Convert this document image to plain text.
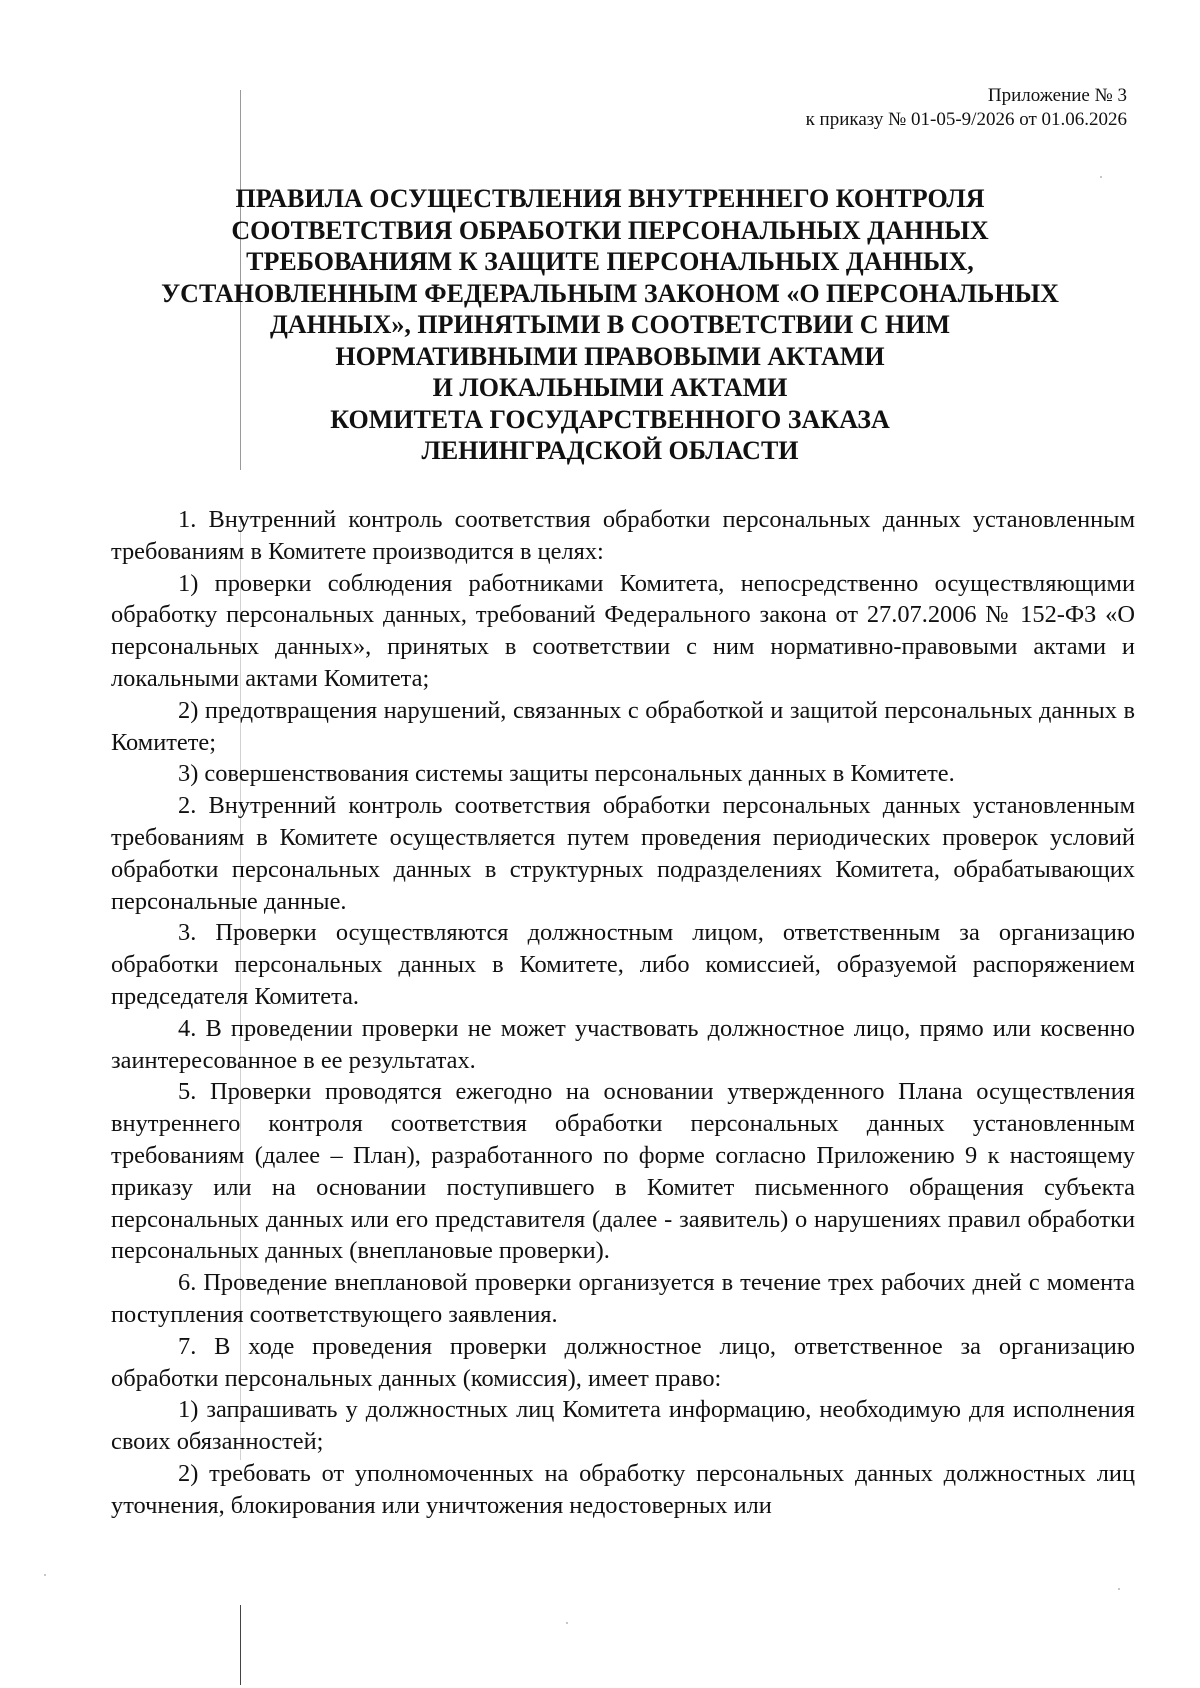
Приложение № 3
к приказу № 01-05-9/2026 от 01.06.2026
ПРАВИЛА ОСУЩЕСТВЛЕНИЯ ВНУТРЕННЕГО КОНТРОЛЯ
СООТВЕТСТВИЯ ОБРАБОТКИ ПЕРСОНАЛЬНЫХ ДАННЫХ
ТРЕБОВАНИЯМ К ЗАЩИТЕ ПЕРСОНАЛЬНЫХ ДАННЫХ,
УСТАНОВЛЕННЫМ ФЕДЕРАЛЬНЫМ ЗАКОНОМ «О ПЕРСОНАЛЬНЫХ
ДАННЫХ», ПРИНЯТЫМИ В СООТВЕТСТВИИ С НИМ
НОРМАТИВНЫМИ ПРАВОВЫМИ АКТАМИ
И ЛОКАЛЬНЫМИ АКТАМИ
КОМИТЕТА ГОСУДАРСТВЕННОГО ЗАКАЗА
ЛЕНИНГРАДСКОЙ ОБЛАСТИ

1. Внутренний контроль соответствия обработки персональных данных установленным требованиям в Комитете производится в целях:

1) проверки соблюдения работниками Комитета, непосредственно осуществляющими обработку персональных данных, требований Федерального закона от 27.07.2006 № 152-ФЗ «О персональных данных», принятых в соответствии с ним нормативно-правовыми актами и локальными актами Комитета;

2) предотвращения нарушений, связанных с обработкой и защитой персональных данных в Комитете;

3) совершенствования системы защиты персональных данных в Комитете.

2. Внутренний контроль соответствия обработки персональных данных установленным требованиям в Комитете осуществляется путем проведения периодических проверок условий обработки персональных данных в структурных подразделениях Комитета, обрабатывающих персональные данные.

3. Проверки осуществляются должностным лицом, ответственным за организацию обработки персональных данных в Комитете, либо комиссией, образуемой распоряжением председателя Комитета.

4. В проведении проверки не может участвовать должностное лицо, прямо или косвенно заинтересованное в ее результатах.

5. Проверки проводятся ежегодно на основании утвержденного Плана осуществления внутреннего контроля соответствия обработки персональных данных установленным требованиям (далее – План), разработанного по форме согласно Приложению 9 к настоящему приказу или на основании поступившего в Комитет письменного обращения субъекта персональных данных или его представителя (далее - заявитель) о нарушениях правил обработки персональных данных (внеплановые проверки).

6. Проведение внеплановой проверки организуется в течение трех рабочих дней с момента поступления соответствующего заявления.

7. В ходе проведения проверки должностное лицо, ответственное за организацию обработки персональных данных (комиссия), имеет право:

1) запрашивать у должностных лиц Комитета информацию, необходимую для исполнения своих обязанностей;

2) требовать от уполномоченных на обработку персональных данных должностных лиц уточнения, блокирования или уничтожения недостоверных или
